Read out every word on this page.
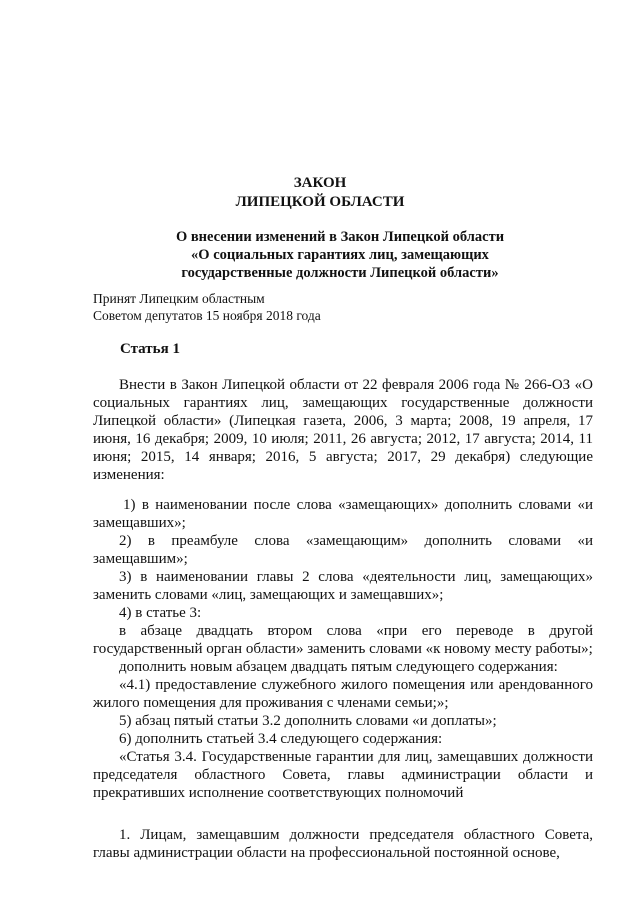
ЗАКОН
ЛИПЕЦКОЙ ОБЛАСТИ
О внесении изменений в Закон Липецкой области
«О социальных гарантиях лиц, замещающих
государственные должности Липецкой области»
Принят Липецким областным
Советом депутатов 15 ноября 2018 года
Статья 1

Внести в Закон Липецкой области от 22 февраля 2006 года № 266-ОЗ «О социальных гарантиях лиц, замещающих государственные должности Липецкой области» (Липецкая газета, 2006, 3 марта; 2008, 19 апреля, 17 июня, 16 декабря; 2009, 10 июля; 2011, 26 августа; 2012, 17 августа; 2014, 11 июня; 2015, 14 января; 2016, 5 августа; 2017, 29 декабря) следующие изменения:

1) в наименовании после слова «замещающих» дополнить словами «и замещавших»;

2) в преамбуле слова «замещающим» дополнить словами «и замещавшим»;

3) в наименовании главы 2 слова «деятельности лиц, замещающих» заменить словами «лиц, замещающих и замещавших»;

4) в статье 3:

в абзаце двадцать втором слова «при его переводе в другой государственный орган области» заменить словами «к новому месту работы»;

дополнить новым абзацем двадцать пятым следующего содержания:

«4.1) предоставление служебного жилого помещения или арендованного жилого помещения для проживания с членами семьи;»;

5) абзац пятый статьи 3.2 дополнить словами «и доплаты»;

6) дополнить статьей 3.4 следующего содержания:

«Статья 3.4. Государственные гарантии для лиц, замещавших должности председателя областного Совета, главы администрации области и прекративших исполнение соответствующих полномочий

1. Лицам, замещавшим должности председателя областного Совета, главы администрации области на профессиональной постоянной основе,
